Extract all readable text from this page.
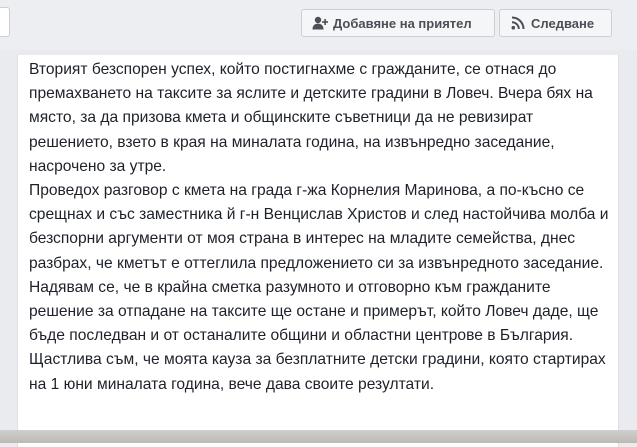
Добавяне на приятел	Следване

Вторият безспорен успех, който постигнахме с гражданите, се отнася до премахването на таксите за яслите и детските градини в Ловеч. Вчера бях на място, за да призова кмета и общинските съветници да не ревизират решението, взето в края на миналата година, на извънредно заседание, насрочено за утре.

Проведох разговор с кмета на града г-жа Корнелия Маринова, а по-късно се срещнах и със заместника й г-н Венцислав Христов и след настойчива молба и безспорни аргументи от моя страна в интерес на младите семейства, днес разбрах, че кметът е оттеглила предложението си за извънредното заседание.

Надявам се, че в крайна сметка разумното и отговорно към гражданите решение за отпадане на таксите ще остане и примерът, който Ловеч даде, ще бъде последван и от останалите общини и областни центрове в България.

Щастлива съм, че моята кауза за безплатните детски градини, която стартирах на 1 юни миналата година, вече дава своите резултати.
